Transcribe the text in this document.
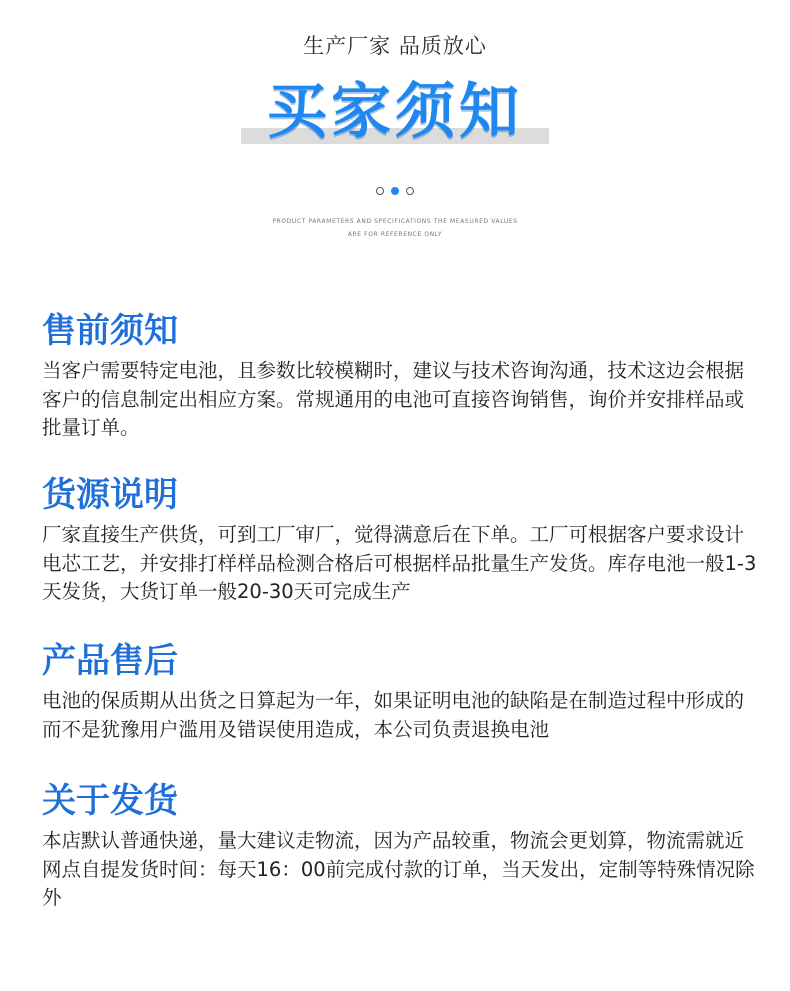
生产厂家 品质放心
买家须知
PRODUCT PARAMETERS AND SPECIFICATIONS THE MEASURED VALUES
ARE FOR REFERENCE ONLY
售前须知

当客户需要特定电池，且参数比较模糊时，建议与技术咨询沟通，技术这边会根据客户的信息制定出相应方案。常规通用的电池可直接咨询销售，询价并安排样品或批量订单。

货源说明

厂家直接生产供货，可到工厂审厂，觉得满意后在下单。工厂可根据客户要求设计电芯工艺，并安排打样样品检测合格后可根据样品批量生产发货。库存电池一般1-3天发货，大货订单一般20-30天可完成生产

产品售后

电池的保质期从出货之日算起为一年，如果证明电池的缺陷是在制造过程中形成的而不是犹豫用户滥用及错误使用造成，本公司负责退换电池

关于发货

本店默认普通快递，量大建议走物流，因为产品较重，物流会更划算，物流需就近网点自提发货时间：每天16：00前完成付款的订单，当天发出，定制等特殊情况除外
